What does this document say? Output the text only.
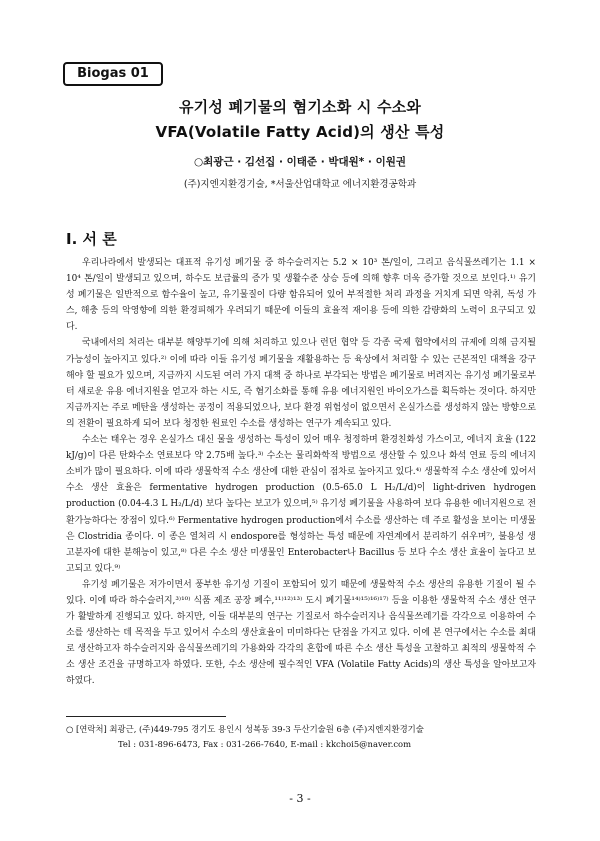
Biogas 01
유기성 폐기물의 혐기소화 시 수소와
VFA(Volatile Fatty Acid)의 생산 특성
○최광근 · 김선집 · 이태준 · 박대원* · 이원권
(주)지엔지환경기술, *서울산업대학교 에너지환경공학과
Ⅰ. 서 론

우리나라에서 발생되는 대표적 유기성 폐기물 중 하수슬러지는 5.2 × 10³ 톤/일이, 그리고 음식물쓰레기는 1.1 × 10⁴ 톤/일이 발생되고 있으며, 하수도 보급률의 증가 및 생활수준 상승 등에 의해 향후 더욱 증가할 것으로 보인다.¹⁾ 유기성 폐기물은 일반적으로 함수율이 높고, 유기물질이 다량 함유되어 있어 부적절한 처리 과정을 거치게 되면 악취, 독성 가스, 해충 등의 악영향에 의한 환경피해가 우려되기 때문에 이들의 효율적 재이용 등에 의한 감량화의 노력이 요구되고 있다.

국내에서의 처리는 대부분 해양투기에 의해 처리하고 있으나 런던 협약 등 각종 국제 협약에서의 규제에 의해 금지될 가능성이 높아지고 있다.²⁾ 이에 따라 이들 유기성 폐기물을 재활용하는 등 육상에서 처리할 수 있는 근본적인 대책을 강구해야 할 필요가 있으며, 지금까지 시도된 여러 가지 대책 중 하나로 부각되는 방법은 폐기물로 버려지는 유기성 폐기물로부터 새로운 유용 에너지원을 얻고자 하는 시도, 즉 혐기소화를 통해 유용 에너지원인 바이오가스를 획득하는 것이다. 하지만 지금까지는 주로 메탄을 생성하는 공정이 적용되었으나, 보다 환경 위험성이 없으면서 온실가스를 생성하지 않는 방향으로의 전환이 필요하게 되어 보다 청정한 원료인 수소를 생성하는 연구가 계속되고 있다.

수소는 태우는 경우 온실가스 대신 물을 생성하는 특성이 있어 매우 청정하며 환경친화성 가스이고, 에너지 효율 (122 kJ/g)이 다른 탄화수소 연료보다 약 2.75배 높다.³⁾ 수소는 물리화학적 방법으로 생산할 수 있으나 화석 연료 등의 에너지 소비가 많이 필요하다. 이에 따라 생물학적 수소 생산에 대한 관심이 점차로 높아지고 있다.⁴⁾ 생물학적 수소 생산에 있어서 수소 생산 효율은 fermentative hydrogen production (0.5-65.0 L H₂/L/d)이 light-driven hydrogen production (0.04-4.3 L H₂/L/d) 보다 높다는 보고가 있으며,⁵⁾ 유기성 폐기물을 사용하여 보다 유용한 에너지원으로 전환가능하다는 장점이 있다.⁶⁾ Fermentative hydrogen production에서 수소를 생산하는 데 주로 활성을 보이는 미생물은 Clostridia 종이다. 이 종은 열처리 시 endospore를 형성하는 특성 때문에 자연계에서 분리하기 쉬우며⁷⁾, 불용성 생고분자에 대한 분해능이 있고,⁸⁾ 다른 수소 생산 미생물인 Enterobacter나 Bacillus 등 보다 수소 생산 효율이 높다고 보고되고 있다.⁹⁾

유기성 폐기물은 저가이면서 풍부한 유기성 기질이 포함되어 있기 때문에 생물학적 수소 생산의 유용한 기질이 될 수 있다. 이에 따라 하수슬러지,³⁾¹⁰⁾ 식품 제조 공장 폐수,¹¹⁾¹²⁾¹³⁾ 도시 폐기물¹⁴⁾¹⁵⁾¹⁶⁾¹⁷⁾ 등을 이용한 생물학적 수소 생산 연구가 활발하게 진행되고 있다. 하지만, 이들 대부분의 연구는 기질로서 하수슬러지나 음식물쓰레기를 각각으로 이용하여 수소를 생산하는 데 목적을 두고 있어서 수소의 생산효율이 미미하다는 단점을 가지고 있다. 이에 본 연구에서는 수소를 최대로 생산하고자 하수슬러지와 음식물쓰레기의 가용화와 각각의 혼합에 따른 수소 생산 특성을 고찰하고 최적의 생물학적 수소 생산 조건을 규명하고자 하였다. 또한, 수소 생산에 필수적인 VFA (Volatile Fatty Acids)의 생산 특성을 알아보고자 하였다.

○ [연락처] 최광근, (주)449-795 경기도 용인시 성복동 39-3 두산기술원 6층 (주)지엔지환경기술
Tel : 031-896-6473, Fax : 031-266-7640, E-mail : kkchoi5@naver.com
- 3 -
